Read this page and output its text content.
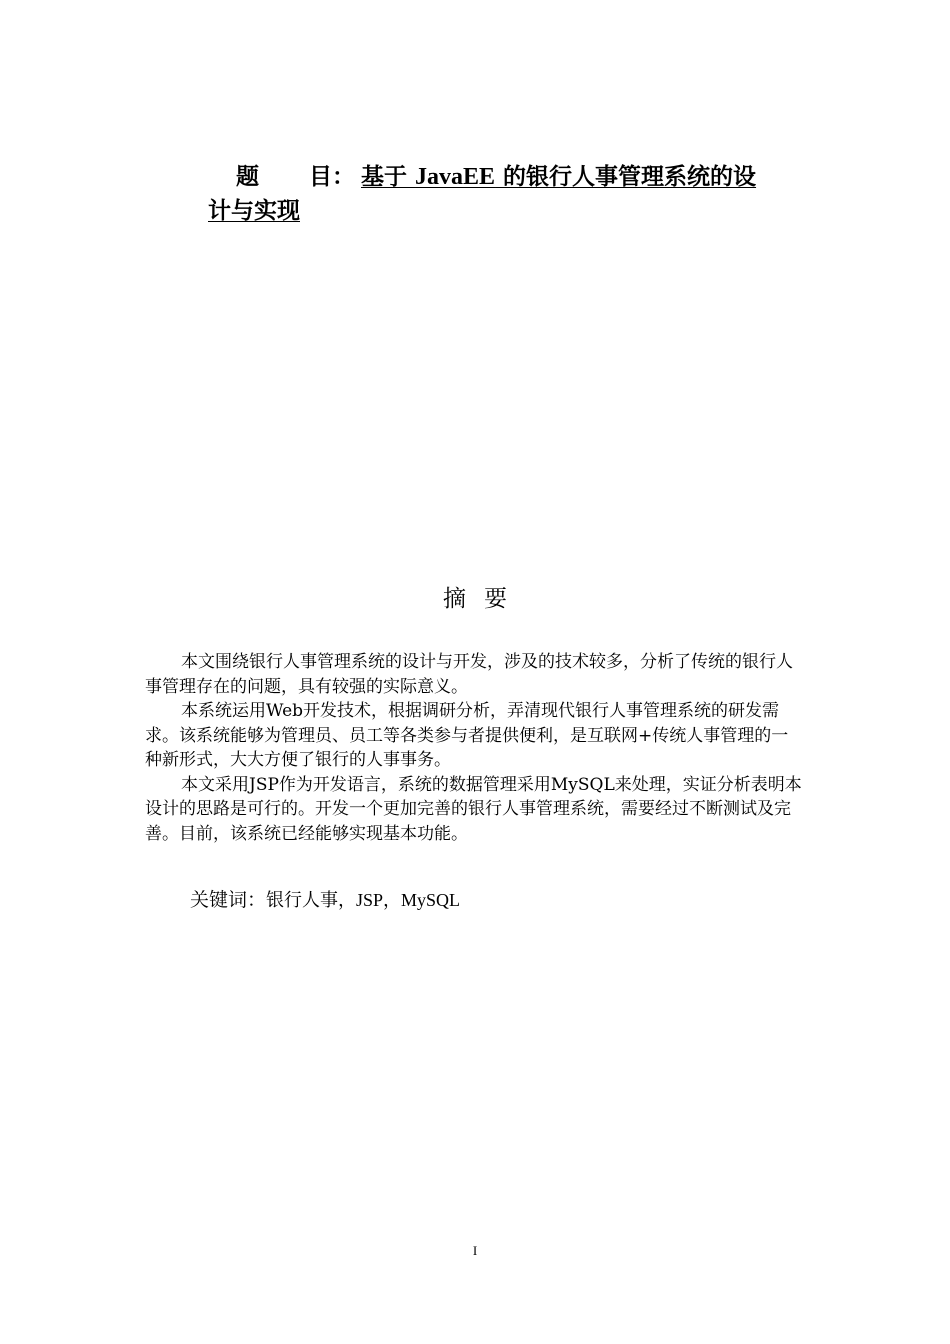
题 目： 基于 JavaEE 的银行人事管理系统的设计与实现
摘要

本文围绕银行人事管理系统的设计与开发，涉及的技术较多，分析了传统的银行人事管理存在的问题，具有较强的实际意义。

本系统运用Web开发技术，根据调研分析，弄清现代银行人事管理系统的研发需求。该系统能够为管理员、员工等各类参与者提供便利，是互联网+传统人事管理的一种新形式，大大方便了银行的人事事务。

本文采用JSP作为开发语言，系统的数据管理采用MySQL来处理，实证分析表明本设计的思路是可行的。开发一个更加完善的银行人事管理系统，需要经过不断测试及完善。目前，该系统已经能够实现基本功能。

关键词：银行人事，JSP，MySQL
I
